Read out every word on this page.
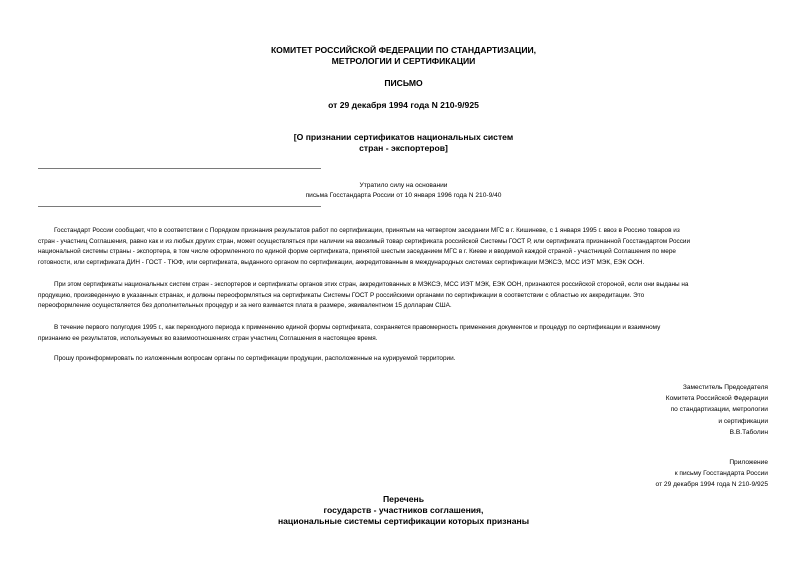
КОМИТЕТ РОССИЙСКОЙ ФЕДЕРАЦИИ ПО СТАНДАРТИЗАЦИИ,
МЕТРОЛОГИИ И СЕРТИФИКАЦИИ
ПИСЬМО
от 29 декабря 1994 года N 210-9/925
[О признании сертификатов национальных систем
стран - экспортеров]
Утратило силу на основании
письма Госстандарта России от 10 января 1996 года N 210-9/40
Госстандарт России сообщает, что в соответствии с Порядком признания результатов работ по сертификации, принятым на четвертом заседании МГС в г. Кишиневе, с 1 января 1995 г. ввоз в Россию товаров из
стран - участниц Соглашения, равно как и из любых других стран, может осуществляться при наличии на ввозимый товар сертификата российской Системы ГОСТ Р, или сертификата признанной Госстандартом России
национальной системы страны - экспортера, в том числе оформленного по единой форме сертификата, принятой шестым заседанием МГС в г. Киеве и вводимой каждой страной - участницей Соглашения по мере
готовности, или сертификата ДИН - ГОСТ - ТЮФ, или сертификата, выданного органом по сертификации, аккредитованным в международных системах сертификации МЭКСЭ, МСС ИЭТ МЭК, ЕЭК ООН.
При этом сертификаты национальных систем стран - экспортеров и сертификаты органов этих стран, аккредитованных в МЭКСЭ, МСС ИЭТ МЭК, ЕЭК ООН, признаются российской стороной, если они выданы на
продукцию, произведенную в указанных странах, и должны переоформляться на сертификаты Системы ГОСТ Р российскими органами по сертификации в соответствии с областью их аккредитации. Это
переоформление осуществляется без дополнительных процедур и за него взимается плата в размере, эквивалентном 15 долларам США.
В течение первого полугодия 1995 г., как переходного периода к применению единой формы сертификата, сохраняется правомерность применения документов и процедур по сертификации и взаимному
признанию ее результатов, используемых во взаимоотношениях стран участниц Соглашения в настоящее время.
Прошу проинформировать по изложенным вопросам органы по сертификации продукции, расположенные на курируемой территории.
Заместитель Председателя
Комитета Российской Федерации
по стандартизации, метрологии
и сертификации
В.В.Таболин
Приложение
к письму Госстандарта России
от 29 декабря 1994 года N 210-9/925
Перечень
государств - участников соглашения,
национальные системы сертификации которых признаны
